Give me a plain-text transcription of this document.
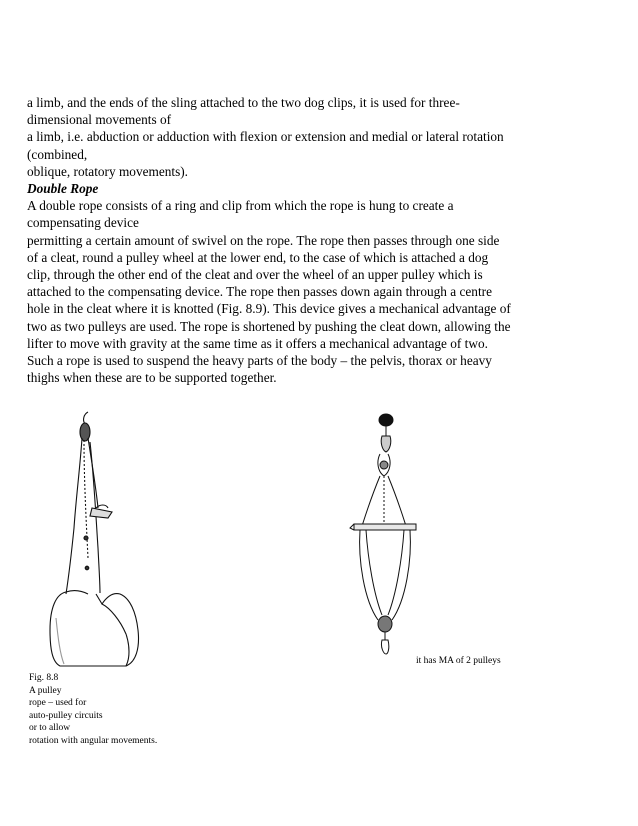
a limb, and the ends of the sling attached to the two dog clips, it is used for three-
dimensional movements of
a limb, i.e. abduction or adduction with flexion or extension and medial or lateral rotation
(combined,
oblique, rotatory movements).
Double Rope
A double rope consists of a ring and clip from which the rope is hung to create a
compensating device
permitting a certain amount of swivel on the rope. The rope then passes through one side
of a cleat, round a pulley wheel at the lower end, to the case of which is attached a dog
clip, through the other end of the cleat and over the wheel of an upper pulley which is
attached to the compensating device. The rope then passes down again through a centre
hole in the cleat where it is knotted (Fig. 8.9). This device gives a mechanical advantage of
two as two pulleys are used. The rope is shortened by pushing the cleat down, allowing the
lifter to move with gravity at the same time as it offers a mechanical advantage of two.
Such a rope is used to suspend the heavy parts of the body – the pelvis, thorax or heavy
thighs when these are to be supported together.
it has MA of 2 pulleys
Fig. 8.8
A pulley
rope – used for
auto-pulley circuits
or to allow
rotation with angular movements.
